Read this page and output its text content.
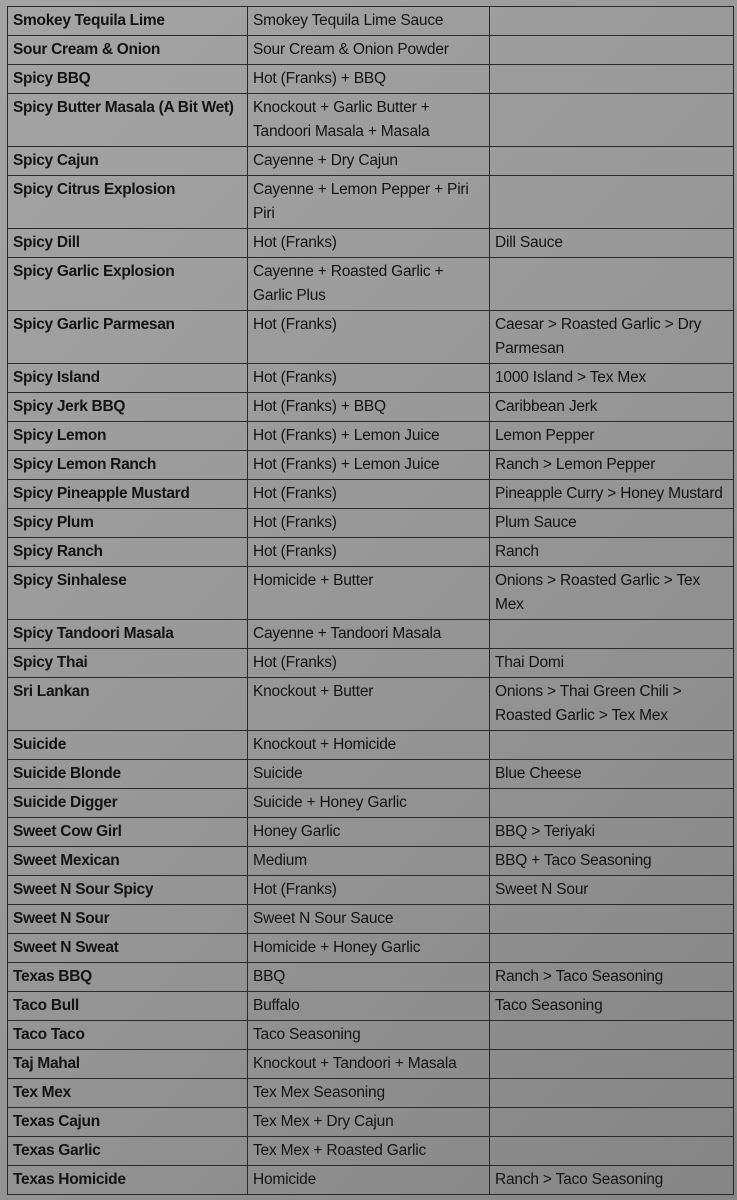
Smokey Tequila Lime	Smokey Tequila Lime Sauce	
Sour Cream & Onion	Sour Cream & Onion Powder	
Spicy BBQ	Hot (Franks) + BBQ	
Spicy Butter Masala (A Bit Wet)	Knockout + Garlic Butter + Tandoori Masala + Masala	
Spicy Cajun	Cayenne + Dry Cajun	
Spicy Citrus Explosion	Cayenne + Lemon Pepper + Piri Piri	
Spicy Dill	Hot (Franks)	Dill Sauce
Spicy Garlic Explosion	Cayenne + Roasted Garlic + Garlic Plus	
Spicy Garlic Parmesan	Hot (Franks)	Caesar > Roasted Garlic > Dry Parmesan
Spicy Island	Hot (Franks)	1000 Island > Tex Mex
Spicy Jerk BBQ	Hot (Franks) + BBQ	Caribbean Jerk
Spicy Lemon	Hot (Franks) + Lemon Juice	Lemon Pepper
Spicy Lemon Ranch	Hot (Franks) + Lemon Juice	Ranch > Lemon Pepper
Spicy Pineapple Mustard	Hot (Franks)	Pineapple Curry > Honey Mustard
Spicy Plum	Hot (Franks)	Plum Sauce
Spicy Ranch	Hot (Franks)	Ranch
Spicy Sinhalese	Homicide + Butter	Onions > Roasted Garlic > Tex Mex
Spicy Tandoori Masala	Cayenne + Tandoori Masala	
Spicy Thai	Hot (Franks)	Thai Domi
Sri Lankan	Knockout + Butter	Onions > Thai Green Chili > Roasted Garlic > Tex Mex
Suicide	Knockout + Homicide	
Suicide Blonde	Suicide	Blue Cheese
Suicide Digger	Suicide + Honey Garlic	
Sweet Cow Girl	Honey Garlic	BBQ > Teriyaki
Sweet Mexican	Medium	BBQ + Taco Seasoning
Sweet N Sour Spicy	Hot (Franks)	Sweet N Sour
Sweet N Sour	Sweet N Sour Sauce	
Sweet N Sweat	Homicide + Honey Garlic	
Texas BBQ	BBQ	Ranch > Taco Seasoning
Taco Bull	Buffalo	Taco Seasoning
Taco Taco	Taco Seasoning	
Taj Mahal	Knockout + Tandoori + Masala	
Tex Mex	Tex Mex Seasoning	
Texas Cajun	Tex Mex + Dry Cajun	
Texas Garlic	Tex Mex + Roasted Garlic	
Texas Homicide	Homicide	Ranch > Taco Seasoning
